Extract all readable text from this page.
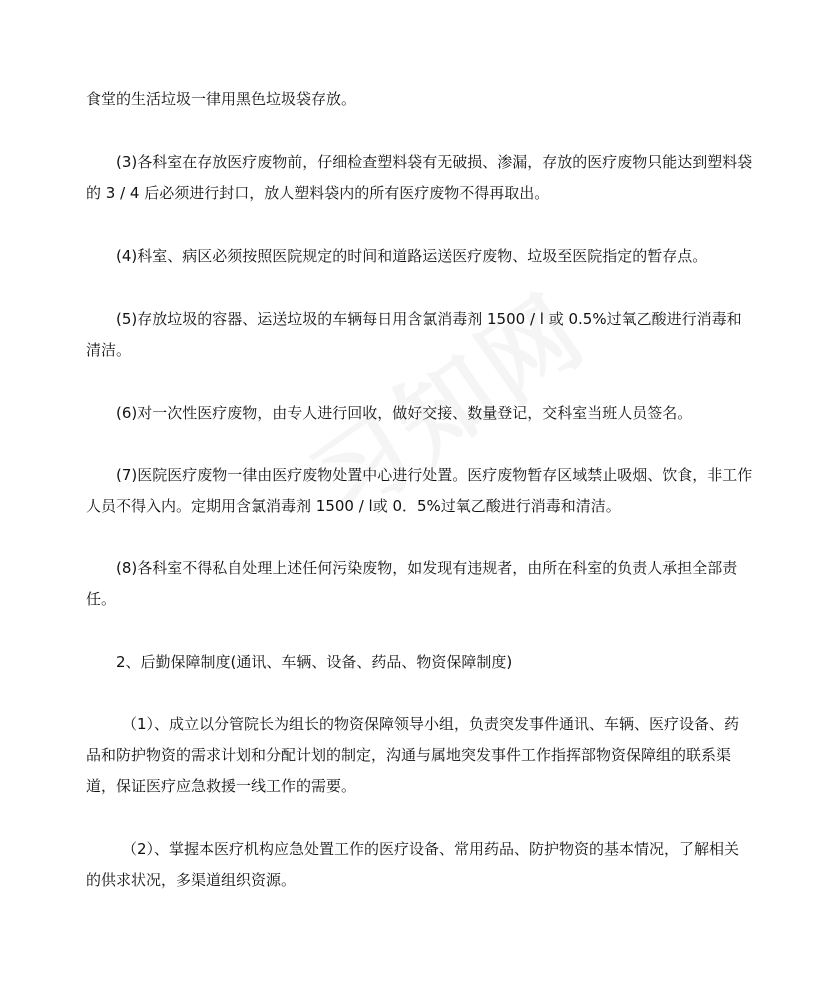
食堂的生活垃圾一律用黑色垃圾袋存放。

(3)各科室在存放医疗废物前，仔细检查塑料袋有无破损、渗漏，存放的医疗废物只能达到塑料袋的 3 / 4 后必须进行封口，放人塑料袋内的所有医疗废物不得再取出。

(4)科室、病区必须按照医院规定的时间和道路运送医疗废物、垃圾至医院指定的暂存点。

(5)存放垃圾的容器、运送垃圾的车辆每日用含氯消毒剂 1500 / l 或 0.5%过氧乙酸进行消毒和清洁。

(6)对一次性医疗废物，由专人进行回收，做好交接、数量登记，交科室当班人员签名。

(7)医院医疗废物一律由医疗废物处置中心进行处置。医疗废物暂存区域禁止吸烟、饮食，非工作人员不得入内。定期用含氯消毒剂 1500 / l或 0．5%过氧乙酸进行消毒和清洁。

(8)各科室不得私自处理上述任何污染废物，如发现有违规者，由所在科室的负责人承担全部责任。

2、后勤保障制度(通讯、车辆、设备、药品、物资保障制度)

（1）、成立以分管院长为组长的物资保障领导小组，负责突发事件通讯、车辆、医疗设备、药品和防护物资的需求计划和分配计划的制定，沟通与属地突发事件工作指挥部物资保障组的联系渠道，保证医疗应急救援一线工作的需要。

（2）、掌握本医疗机构应急处置工作的医疗设备、常用药品、防护物资的基本情况，了解相关的供求状况，多渠道组织资源。
